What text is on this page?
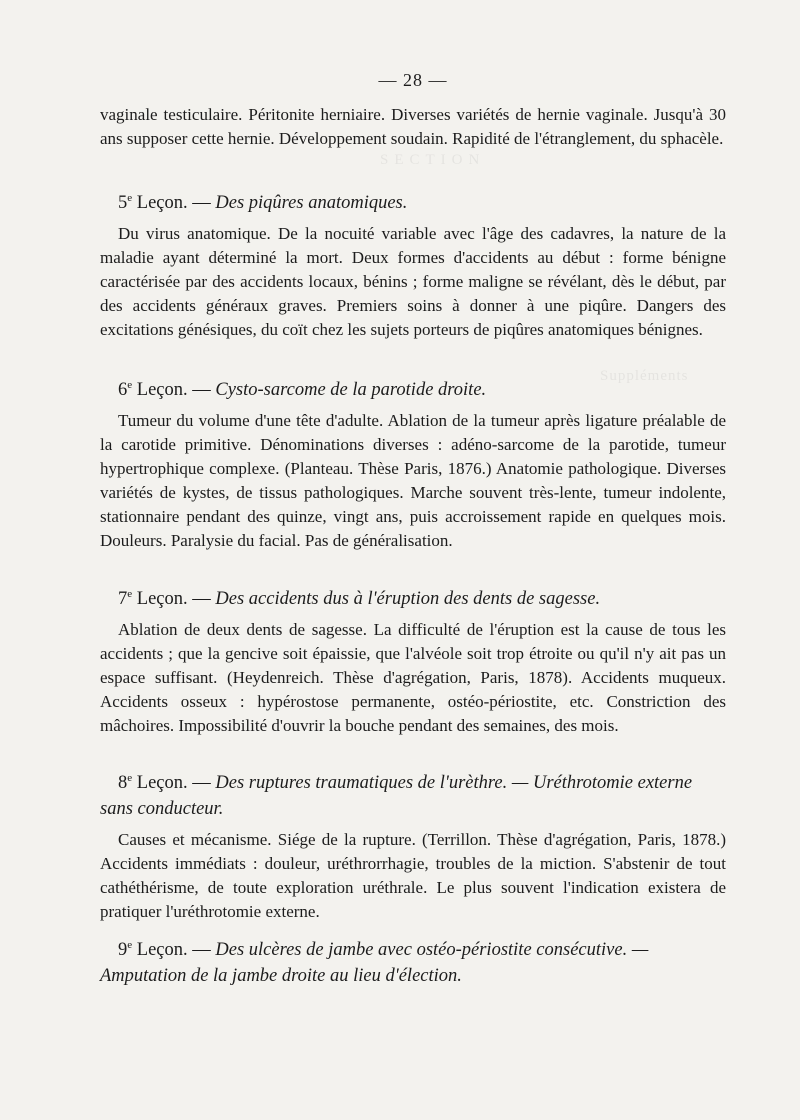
SECTION
Suppléments
— 28 —

vaginale testiculaire. Péritonite herniaire. Diverses variétés de hernie vaginale. Jusqu'à 30 ans supposer cette hernie. Développement soudain. Rapidité de l'étranglement, du sphacèle.

5e Leçon. — Des piqûres anatomiques.

Du virus anatomique. De la nocuité variable avec l'âge des cadavres, la nature de la maladie ayant déterminé la mort. Deux formes d'accidents au début : forme bénigne caractérisée par des accidents locaux, bénins ; forme maligne se révélant, dès le début, par des accidents généraux graves. Premiers soins à donner à une piqûre. Dangers des excitations génésiques, du coït chez les sujets porteurs de piqûres anatomiques bénignes.

6e Leçon. — Cysto-sarcome de la parotide droite.

Tumeur du volume d'une tête d'adulte. Ablation de la tumeur après ligature préalable de la carotide primitive. Dénominations diverses : adéno-sarcome de la parotide, tumeur hypertrophique complexe. (Planteau. Thèse Paris, 1876.) Anatomie pathologique. Diverses variétés de kystes, de tissus pathologiques. Marche souvent très-lente, tumeur indolente, stationnaire pendant des quinze, vingt ans, puis accroissement rapide en quelques mois. Douleurs. Paralysie du facial. Pas de généralisation.

7e Leçon. — Des accidents dus à l'éruption des dents de sagesse.

Ablation de deux dents de sagesse. La difficulté de l'éruption est la cause de tous les accidents ; que la gencive soit épaissie, que l'alvéole soit trop étroite ou qu'il n'y ait pas un espace suffisant. (Heydenreich. Thèse d'agrégation, Paris, 1878). Accidents muqueux. Accidents osseux : hypérostose permanente, ostéo-périostite, etc. Constriction des mâchoires. Impossibilité d'ouvrir la bouche pendant des semaines, des mois.

8e Leçon. — Des ruptures traumatiques de l'urèthre. — Uréthrotomie externe sans conducteur.

Causes et mécanisme. Siége de la rupture. (Terrillon. Thèse d'agrégation, Paris, 1878.) Accidents immédiats : douleur, uréthrorrhagie, troubles de la miction. S'abstenir de tout cathéthérisme, de toute exploration uréthrale. Le plus souvent l'indication existera de pratiquer l'uréthrotomie externe.

9e Leçon. — Des ulcères de jambe avec ostéo-périostite consécutive. — Amputation de la jambe droite au lieu d'élection.
